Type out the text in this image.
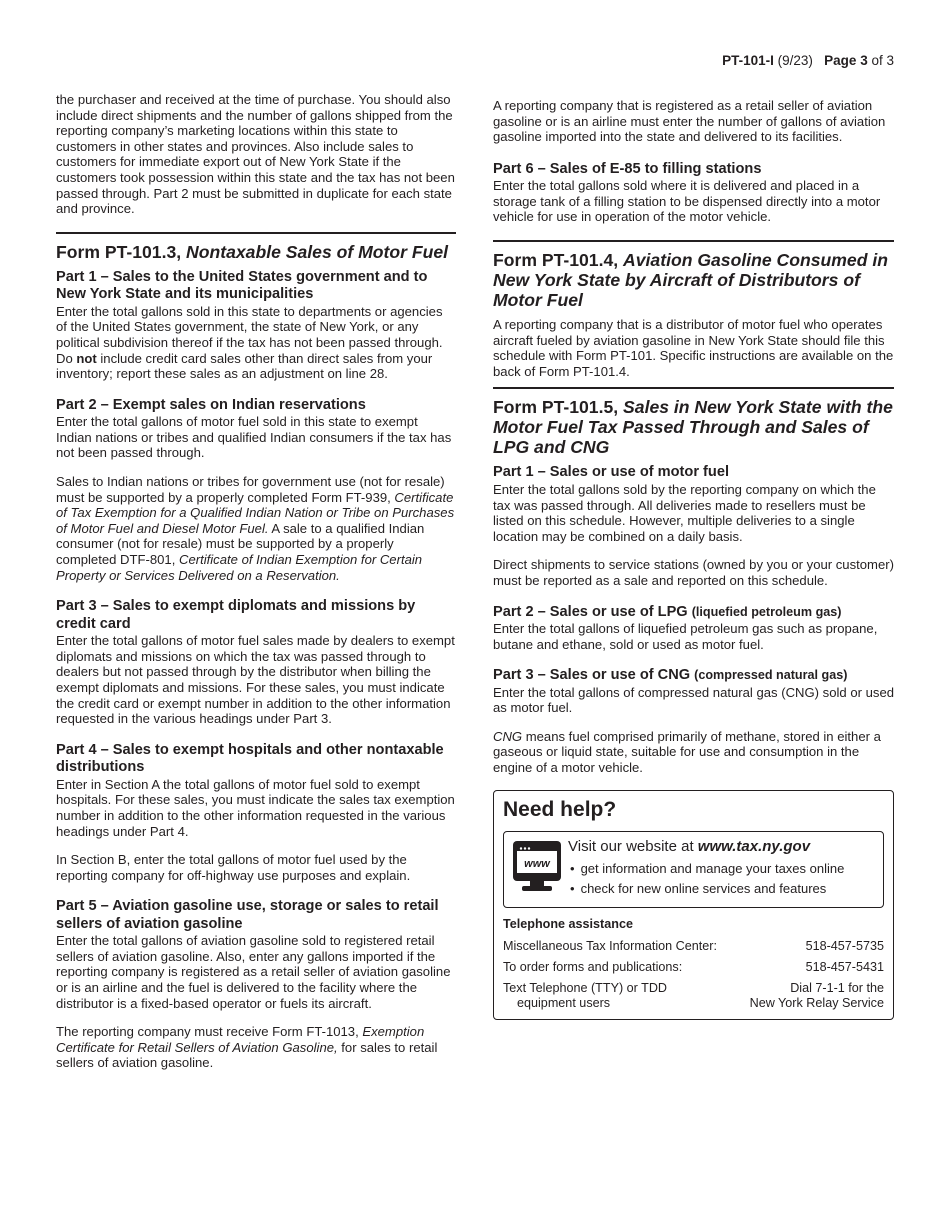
PT-101-I (9/23) Page 3 of 3

the purchaser and received at the time of purchase. You should also include direct shipments and the number of gallons shipped from the reporting company’s marketing locations within this state to customers in other states and provinces. Also include sales to customers for immediate export out of New York State if the customers took possession within this state and the tax has not been passed through. Part 2 must be submitted in duplicate for each state and province.

Form PT-101.3, Nontaxable Sales of Motor Fuel
Part 1 – Sales to the United States government and to New York State and its municipalities

Enter the total gallons sold in this state to departments or agencies of the United States government, the state of New York, or any political subdivision thereof if the tax has not been passed through. Do not include credit card sales other than direct sales from your inventory; report these sales as an adjustment on line 28.

Part 2 – Exempt sales on Indian reservations

Enter the total gallons of motor fuel sold in this state to exempt Indian nations or tribes and qualified Indian consumers if the tax has not been passed through.

Sales to Indian nations or tribes for government use (not for resale) must be supported by a properly completed Form FT-939, Certificate of Tax Exemption for a Qualified Indian Nation or Tribe on Purchases of Motor Fuel and Diesel Motor Fuel. A sale to a qualified Indian consumer (not for resale) must be supported by a properly completed DTF-801, Certificate of Indian Exemption for Certain Property or Services Delivered on a Reservation.

Part 3 – Sales to exempt diplomats and missions by credit card

Enter the total gallons of motor fuel sales made by dealers to exempt diplomats and missions on which the tax was passed through to dealers but not passed through by the distributor when billing the exempt diplomats and missions. For these sales, you must indicate the credit card or exempt number in addition to the other information requested in the various headings under Part 3.

Part 4 – Sales to exempt hospitals and other nontaxable distributions

Enter in Section A the total gallons of motor fuel sold to exempt hospitals. For these sales, you must indicate the sales tax exemption number in addition to the other information requested in the various headings under Part 4.

In Section B, enter the total gallons of motor fuel used by the reporting company for off-highway use purposes and explain.

Part 5 – Aviation gasoline use, storage or sales to retail sellers of aviation gasoline

Enter the total gallons of aviation gasoline sold to registered retail sellers of aviation gasoline. Also, enter any gallons imported if the reporting company is registered as a retail seller of aviation gasoline or is an airline and the fuel is delivered to the facility where the distributor is a fixed-based operator or fuels its aircraft.

The reporting company must receive Form FT-1013, Exemption Certificate for Retail Sellers of Aviation Gasoline, for sales to retail sellers of aviation gasoline.

A reporting company that is registered as a retail seller of aviation gasoline or is an airline must enter the number of gallons of aviation gasoline imported into the state and delivered to its facilities.

Part 6 – Sales of E-85 to filling stations

Enter the total gallons sold where it is delivered and placed in a storage tank of a filling station to be dispensed directly into a motor vehicle for use in operation of the motor vehicle.

Form PT-101.4, Aviation Gasoline Consumed in New York State by Aircraft of Distributors of Motor Fuel

A reporting company that is a distributor of motor fuel who operates aircraft fueled by aviation gasoline in New York State should file this schedule with Form PT-101. Specific instructions are available on the back of Form PT-101.4.

Form PT-101.5, Sales in New York State with the Motor Fuel Tax Passed Through and Sales of LPG and CNG
Part 1 – Sales or use of motor fuel

Enter the total gallons sold by the reporting company on which the tax was passed through. All deliveries made to resellers must be listed on this schedule. However, multiple deliveries to a single location may be combined on a daily basis.

Direct shipments to service stations (owned by you or your customer) must be reported as a sale and reported on this schedule.

Part 2 – Sales or use of LPG (liquefied petroleum gas)

Enter the total gallons of liquefied petroleum gas such as propane, butane and ethane, sold or used as motor fuel.

Part 3 – Sales or use of CNG (compressed natural gas)

Enter the total gallons of compressed natural gas (CNG) sold or used as motor fuel.

CNG means fuel comprised primarily of methane, stored in either a gaseous or liquid state, suitable for use and consumption in the engine of a motor vehicle.

Need help?
www
Visit our website at www.tax.ny.gov
• get information and manage your taxes online
• check for new online services and features
Telephone assistance
Miscellaneous Tax Information Center:	518-457-5735
To order forms and publications:	518-457-5431
Text Telephone (TTY) or TDD
equipment users
Dial 7-1-1 for the
New York Relay Service
